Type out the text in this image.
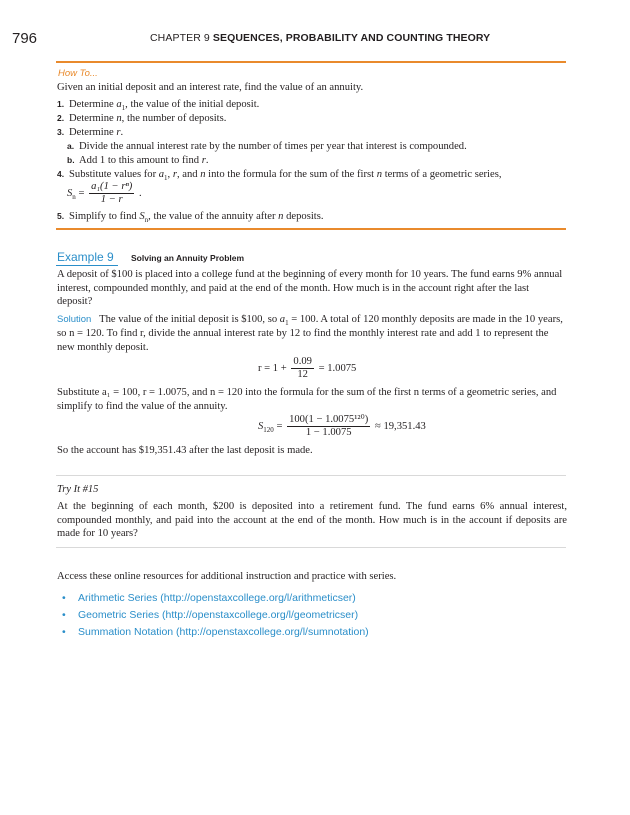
796	CHAPTER 9 SEQUENCES, PROBABILITY AND COUNTING THEORY
How To...
Given an initial deposit and an interest rate, find the value of an annuity.
1. Determine $a_1$, the value of the initial deposit.
2. Determine n, the number of deposits.
3. Determine r.
a. Divide the annual interest rate by the number of times per year that interest is compounded.
b. Add 1 to this amount to find r.
4. Substitute values for $a_1$, r, and n into the formula for the sum of the first n terms of a geometric series,
$S_n = \frac{\text{a₁(1 − rⁿ)}}{1 - r}$ .
5. Simplify to find $S_n$, the value of the annuity after n deposits.
Example 9 Solving an Annuity Problem
A deposit of $100 is placed into a college fund at the beginning of every month for 10 years. The fund earns 9% annual interest, compounded monthly, and paid at the end of the month. How much is in the account right after the last deposit?
Solution The value of the initial deposit is $100, so $a_1 = 100$. A total of 120 monthly deposits are made in the 10 years,
so n = 120. To find r, divide the annual interest rate by 12 to find the monthly interest rate and add 1 to represent the
new monthly deposit.
$r = 1 + \frac{0.09}{12} = 1.0075$
Substitute a₁ = 100, r = 1.0075, and n = 120 into the formula for the sum of the first n terms of a geometric series, and
simplify to find the value of the annuity.
$S_{120} = \frac{\text{100(1 − 1.0075¹²⁰)}}{1 - 1.0075} \approx 19,351.43$
So the account has $19,351.43 after the last deposit is made.
Try It #15
At the beginning of each month, $200 is deposited into a retirement fund. The fund earns 6% annual interest, compounded monthly, and paid into the account at the end of the month. How much is in the account if deposits are made for 10 years?
Access these online resources for additional instruction and practice with series.
• Arithmetic Series (http://openstaxcollege.org/l/arithmeticser)
• Geometric Series (http://openstaxcollege.org/l/geometricser)
• Summation Notation (http://openstaxcollege.org/l/sumnotation)
